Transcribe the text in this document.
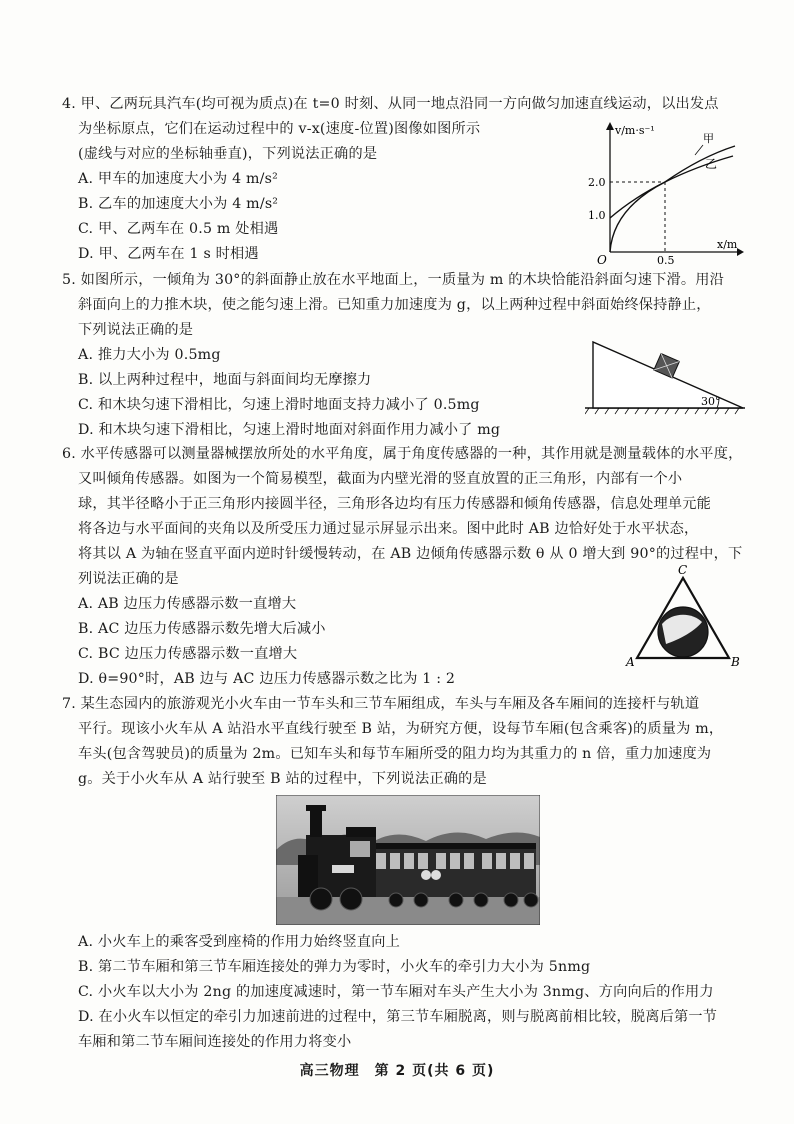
4. 甲、乙两玩具汽车(均可视为质点)在 t=0 时刻、从同一地点沿同一方向做匀加速直线运动，以出发点

为坐标原点，它们在运动过程中的 v-x(速度-位置)图像如图所示

(虚线与对应的坐标轴垂直)，下列说法正确的是

A. 甲车的加速度大小为 4 m/s²

B. 乙车的加速度大小为 4 m/s²

C. 甲、乙两车在 0.5 m 处相遇

D. 甲、乙两车在 1 s 时相遇

v/m·s⁻¹
x/m
O
2.0
1.0
0.5
甲
乙

5. 如图所示，一倾角为 30°的斜面静止放在水平地面上，一质量为 m 的木块恰能沿斜面匀速下滑。用沿

斜面向上的力推木块，使之能匀速上滑。已知重力加速度为 g，以上两种过程中斜面始终保持静止，

下列说法正确的是

A. 推力大小为 0.5mg

B. 以上两种过程中，地面与斜面间均无摩擦力

C. 和木块匀速下滑相比，匀速上滑时地面支持力减小了 0.5mg

D. 和木块匀速下滑相比，匀速上滑时地面对斜面作用力减小了 mg

30°

6. 水平传感器可以测量器械摆放所处的水平角度，属于角度传感器的一种，其作用就是测量载体的水平度，

又叫倾角传感器。如图为一个简易模型，截面为内壁光滑的竖直放置的正三角形，内部有一个小

球，其半径略小于正三角形内接圆半径，三角形各边均有压力传感器和倾角传感器，信息处理单元能

将各边与水平面间的夹角以及所受压力通过显示屏显示出来。图中此时 AB 边恰好处于水平状态，

将其以 A 为轴在竖直平面内逆时针缓慢转动，在 AB 边倾角传感器示数 θ 从 0 增大到 90°的过程中，下

列说法正确的是

A. AB 边压力传感器示数一直增大

B. AC 边压力传感器示数先增大后减小

C. BC 边压力传感器示数一直增大

D. θ=90°时，AB 边与 AC 边压力传感器示数之比为 1 : 2

A	B
C

7. 某生态园内的旅游观光小火车由一节车头和三节车厢组成，车头与车厢及各车厢间的连接杆与轨道

平行。现该小火车从 A 站沿水平直线行驶至 B 站，为研究方便，设每节车厢(包含乘客)的质量为 m，

车头(包含驾驶员)的质量为 2m。已知车头和每节车厢所受的阻力均为其重力的 n 倍，重力加速度为

g。关于小火车从 A 站行驶至 B 站的过程中，下列说法正确的是

A. 小火车上的乘客受到座椅的作用力始终竖直向上

B. 第二节车厢和第三节车厢连接处的弹力为零时，小火车的牵引力大小为 5nmg

C. 小火车以大小为 2ng 的加速度减速时，第一节车厢对车头产生大小为 3nmg、方向向后的作用力

D. 在小火车以恒定的牵引力加速前进的过程中，第三节车厢脱离，则与脱离前相比较，脱离后第一节

车厢和第二节车厢间连接处的作用力将变小

高三物理　第 2 页(共 6 页)
